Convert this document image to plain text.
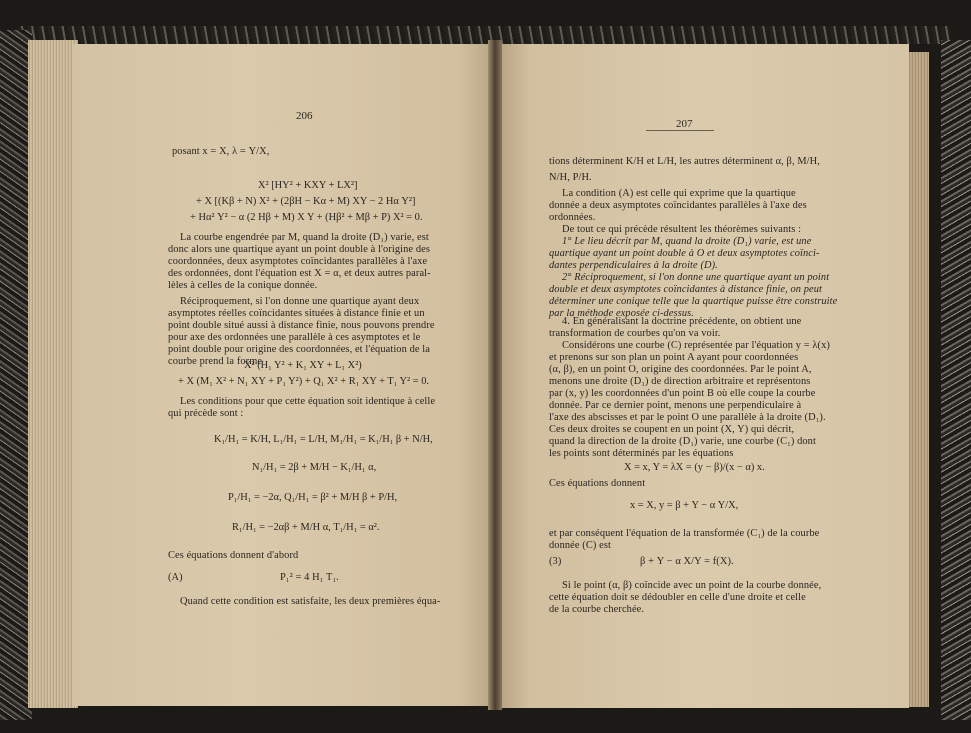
206
posant x = X, λ = Y/X,
X² [HY² + KXY + LX²]
+ X [(Kβ + N) X² + (2βH − Kα + M) XY − 2 Hα Y²]
+ Hα² Y² − α (2 Hβ + M) X Y + (Hβ² + Mβ + P) X² = 0.
La courbe engendrée par M, quand la droite (D₁) varie, est
donc alors une quartique ayant un point double à l'origine des
coordonnées, deux asymptotes coïncidantes parallèles à l'axe
des ordonnées, dont l'équation est X = α, et deux autres paral-
lèles à celles de la conique donnée.
Réciproquement, si l'on donne une quartique ayant deux
asymptotes réelles coïncidantes situées à distance finie et un
point double situé aussi à distance finie, nous pouvons prendre
pour axe des ordonnées une parallèle à ces asymptotes et le
point double pour origine des coordonnées, et l'équation de la
courbe prend la forme
X² (H₁ Y² + K₁ XY + L₁ X²)
+ X (M₁ X² + N₁ XY + P₁ Y²) + Q₁ X² + R₁ XY + T₁ Y² = 0.
Les conditions pour que cette équation soit identique à celle
qui précède sont :
K₁/H₁ = K/H, L₁/H₁ = L/H, M₁/H₁ = K₁/H₁ β + N/H,
N₁/H₁ = 2β + M/H − K₁/H₁ α,
P₁/H₁ = −2α, Q₁/H₁ = β² + M/H β + P/H,
R₁/H₁ = −2αβ + M/H α, T₁/H₁ = α².
Ces équations donnent d'abord
(A)	P₁² = 4 H₁ T₁.
Quand cette condition est satisfaite, les deux premières équa-
207
tions déterminent K/H et L/H, les autres déterminent α, β, M/H,
N/H, P/H.
La condition (A) est celle qui exprime que la quartique
donnée a deux asymptotes coïncidantes parallèles à l'axe des
ordonnées.
De tout ce qui précède résultent les théorèmes suivants :
1° Le lieu décrit par M, quand la droite (D₁) varie, est une
quartique ayant un point double à O et deux asymptotes coïnci-
dantes perpendiculaires à la droite (D).
2° Réciproquement, si l'on donne une quartique ayant un point
double et deux asymptotes coïncidantes à distance finie, on peut
déterminer une conique telle que la quartique puisse être construite
par la méthode exposée ci-dessus.
4. En généralisant la doctrine précédente, on obtient une
transformation de courbes qu'on va voir.
Considérons une courbe (C) représentée par l'équation y = λ(x)
et prenons sur son plan un point A ayant pour coordonnées
(α, β), en un point O, origine des coordonnées. Par le point A,
menons une droite (D₁) de direction arbitraire et représentons
par (x, y) les coordonnées d'un point B où elle coupe la courbe
donnée. Par ce dernier point, menons une perpendiculaire à
l'axe des abscisses et par le point O une parallèle à la droite (D₁).
Ces deux droites se coupent en un point (X, Y) qui décrit,
quand la direction de la droite (D₁) varie, une courbe (C₁) dont
les points sont déterminés par les équations
X = x, Y = λX = (y − β)/(x − α) x.
Ces équations donnent
x = X, y = β + Y − α Y/X,
et par conséquent l'équation de la transformée (C₁) de la courbe
donnée (C) est
(3)	β + Y − α X/Y = f(X).
Si le point (α, β) coïncide avec un point de la courbe donnée,
cette équation doit se dédoubler en celle d'une droite et celle
de la courbe cherchée.
